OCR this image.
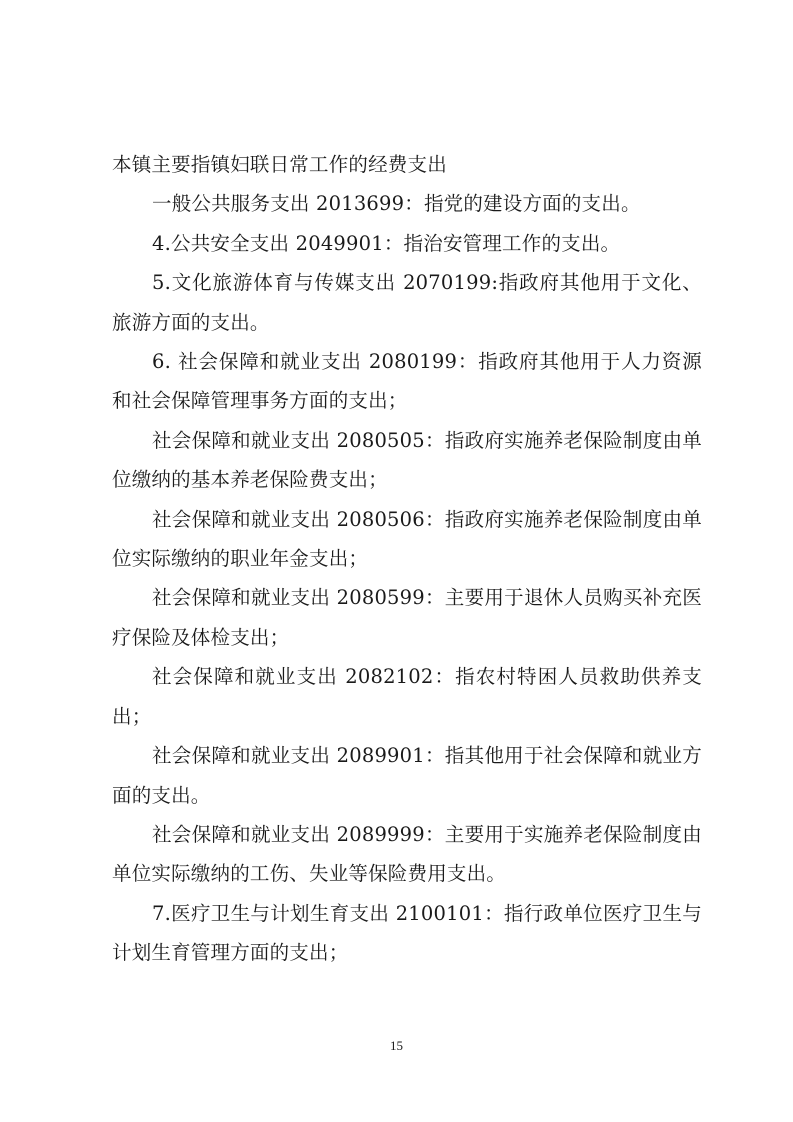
本镇主要指镇妇联日常工作的经费支出

一般公共服务支出 2013699：指党的建设方面的支出。

4.公共安全支出 2049901：指治安管理工作的支出。

5.文化旅游体育与传媒支出 2070199:指政府其他用于文化、旅游方面的支出。

6. 社会保障和就业支出 2080199：指政府其他用于人力资源和社会保障管理事务方面的支出；

社会保障和就业支出 2080505：指政府实施养老保险制度由单位缴纳的基本养老保险费支出；

社会保障和就业支出 2080506：指政府实施养老保险制度由单位实际缴纳的职业年金支出；

社会保障和就业支出 2080599：主要用于退休人员购买补充医疗保险及体检支出；

社会保障和就业支出 2082102：指农村特困人员救助供养支出；

社会保障和就业支出 2089901：指其他用于社会保障和就业方面的支出。

社会保障和就业支出 2089999：主要用于实施养老保险制度由单位实际缴纳的工伤、失业等保险费用支出。

7.医疗卫生与计划生育支出 2100101：指行政单位医疗卫生与计划生育管理方面的支出；

15
